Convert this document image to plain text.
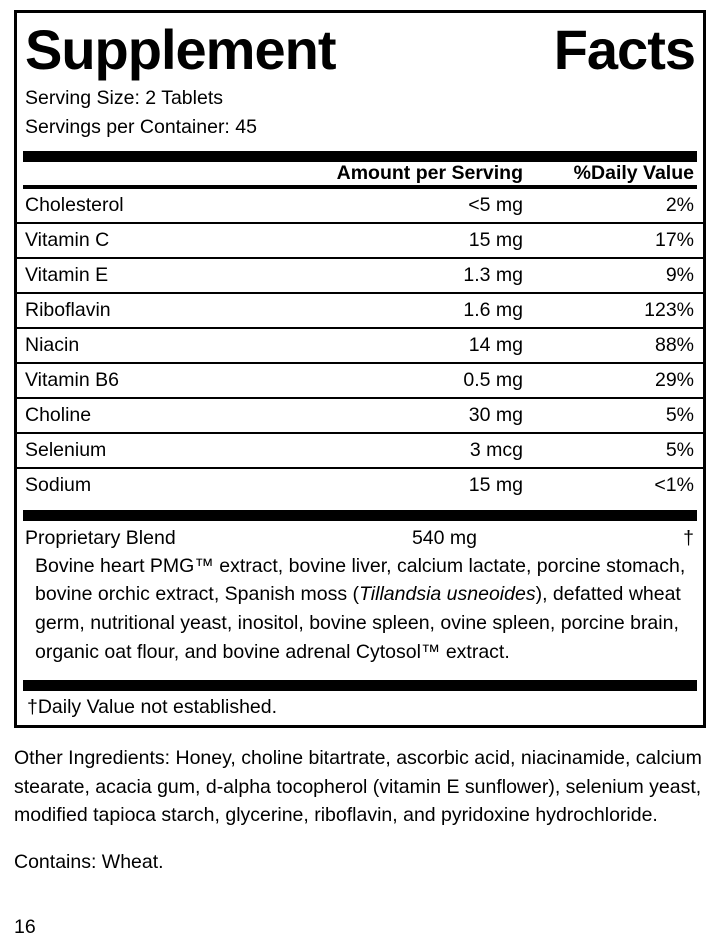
Supplement	Facts
Serving Size: 2 Tablets
Servings per Container: 45
	Amount per Serving	%Daily Value
Cholesterol	<5 mg	2%
Vitamin C	15 mg	17%
Vitamin E	1.3 mg	9%
Riboflavin	1.6 mg	123%
Niacin	14 mg	88%
Vitamin B6	0.5 mg	29%
Choline	30 mg	5%
Selenium	3 mcg	5%
Sodium	15 mg	<1%
Proprietary Blend	540 mg	†
Bovine heart PMG™ extract, bovine liver, calcium lactate, porcine stomach, bovine orchic extract, Spanish moss (Tillandsia usneoides), defatted wheat germ, nutritional yeast, inositol, bovine spleen, ovine spleen, porcine brain, organic oat flour, and bovine adrenal Cytosol™ extract.
†Daily Value not established.

Other Ingredients: Honey, choline bitartrate, ascorbic acid, niacinamide, calcium stearate, acacia gum, d-alpha tocopherol (vitamin E sunflower), selenium yeast, modified tapioca starch, glycerine, riboflavin, and pyridoxine hydrochloride.

Contains: Wheat.

16
